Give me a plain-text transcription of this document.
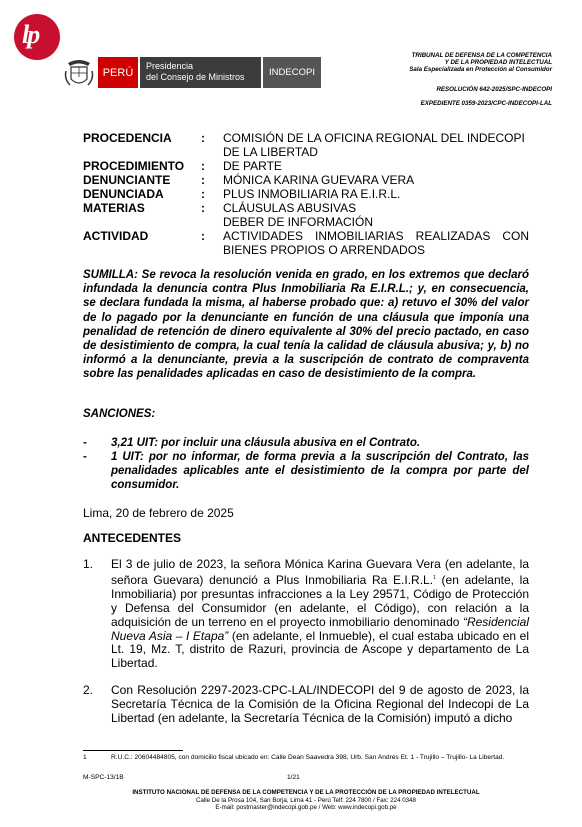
lp
PERÚ
Presidencia
del Consejo de Ministros	INDECOPI
TRIBUNAL DE DEFENSA DE LA COMPETENCIA
Y DE LA PROPIEDAD INTELECTUAL
Sala Especializada en Protección al Consumidor
RESOLUCIÓN 642-2025/SPC-INDECOPI
EXPEDIENTE 0359-2023/CPC-INDECOPI-LAL
PROCEDENCIA	:	COMISIÓN DE LA OFICINA REGIONAL DEL INDECOPI DE LA LIBERTAD
PROCEDIMIENTO	:	DE PARTE
DENUNCIANTE	:	MÓNICA KARINA GUEVARA VERA
DENUNCIADA	:	PLUS INMOBILIARIA RA E.I.R.L.
MATERIAS	:	CLÁUSULAS ABUSIVAS
DEBER DE INFORMACIÓN
ACTIVIDAD	:	ACTIVIDADES INMOBILIARIAS REALIZADAS CON BIENES PROPIOS O ARRENDADOS
SUMILLA: Se revoca la resolución venida en grado, en los extremos que declaró infundada la denuncia contra Plus Inmobiliaria Ra E.I.R.L.; y, en consecuencia, se declara fundada la misma, al haberse probado que: a) retuvo el 30% del valor de lo pagado por la denunciante en función de una cláusula que imponía una penalidad de retención de dinero equivalente al 30% del precio pactado, en caso de desistimiento de compra, la cual tenía la calidad de cláusula abusiva; y, b) no informó a la denunciante, previa a la suscripción de contrato de compraventa sobre las penalidades aplicadas en caso de desistimiento de la compra.
SANCIONES:
-	3,21 UIT: por incluir una cláusula abusiva en el Contrato.
-	1 UIT: por no informar, de forma previa a la suscripción del Contrato, las penalidades aplicables ante el desistimiento de la compra por parte del consumidor.
Lima, 20 de febrero de 2025
ANTECEDENTES
1.	El 3 de julio de 2023, la señora Mónica Karina Guevara Vera (en adelante, la señora Guevara) denunció a Plus Inmobiliaria Ra E.I.R.L.$^1$ (en adelante, la Inmobiliaria) por presuntas infracciones a la Ley 29571, Código de Protección y Defensa del Consumidor (en adelante, el Código), con relación a la adquisición de un terreno en el proyecto inmobiliario denominado “Residencial Nueva Asia – I Etapa” (en adelante, el Inmueble), el cual estaba ubicado en el Lt. 19, Mz. T, distrito de Razuri, provincia de Ascope y departamento de La Libertad.
2.	Con Resolución 2297-2023-CPC-LAL/INDECOPI del 9 de agosto de 2023, la Secretaría Técnica de la Comisión de la Oficina Regional del Indecopi de La Libertad (en adelante, la Secretaría Técnica de la Comisión) imputó a dicho
1	R.U.C.: 20604484805, con domicilio fiscal ubicado en: Calle Dean Saavedra 398, Urb. San Andrés Et. 1 - Trujillo – Trujillo- La Libertad.
M-SPC-13/1B	1/21
INSTITUTO NACIONAL DE DEFENSA DE LA COMPETENCIA Y DE LA PROTECCIÓN DE LA PROPIEDAD INTELECTUAL
Calle De la Prosa 104, San Borja, Lima 41 - Perú Telf: 224 7800 / Fax: 224 0348
E-mail: postmaster@indecopi.gob.pe / Web: www.indecopi.gob.pe
